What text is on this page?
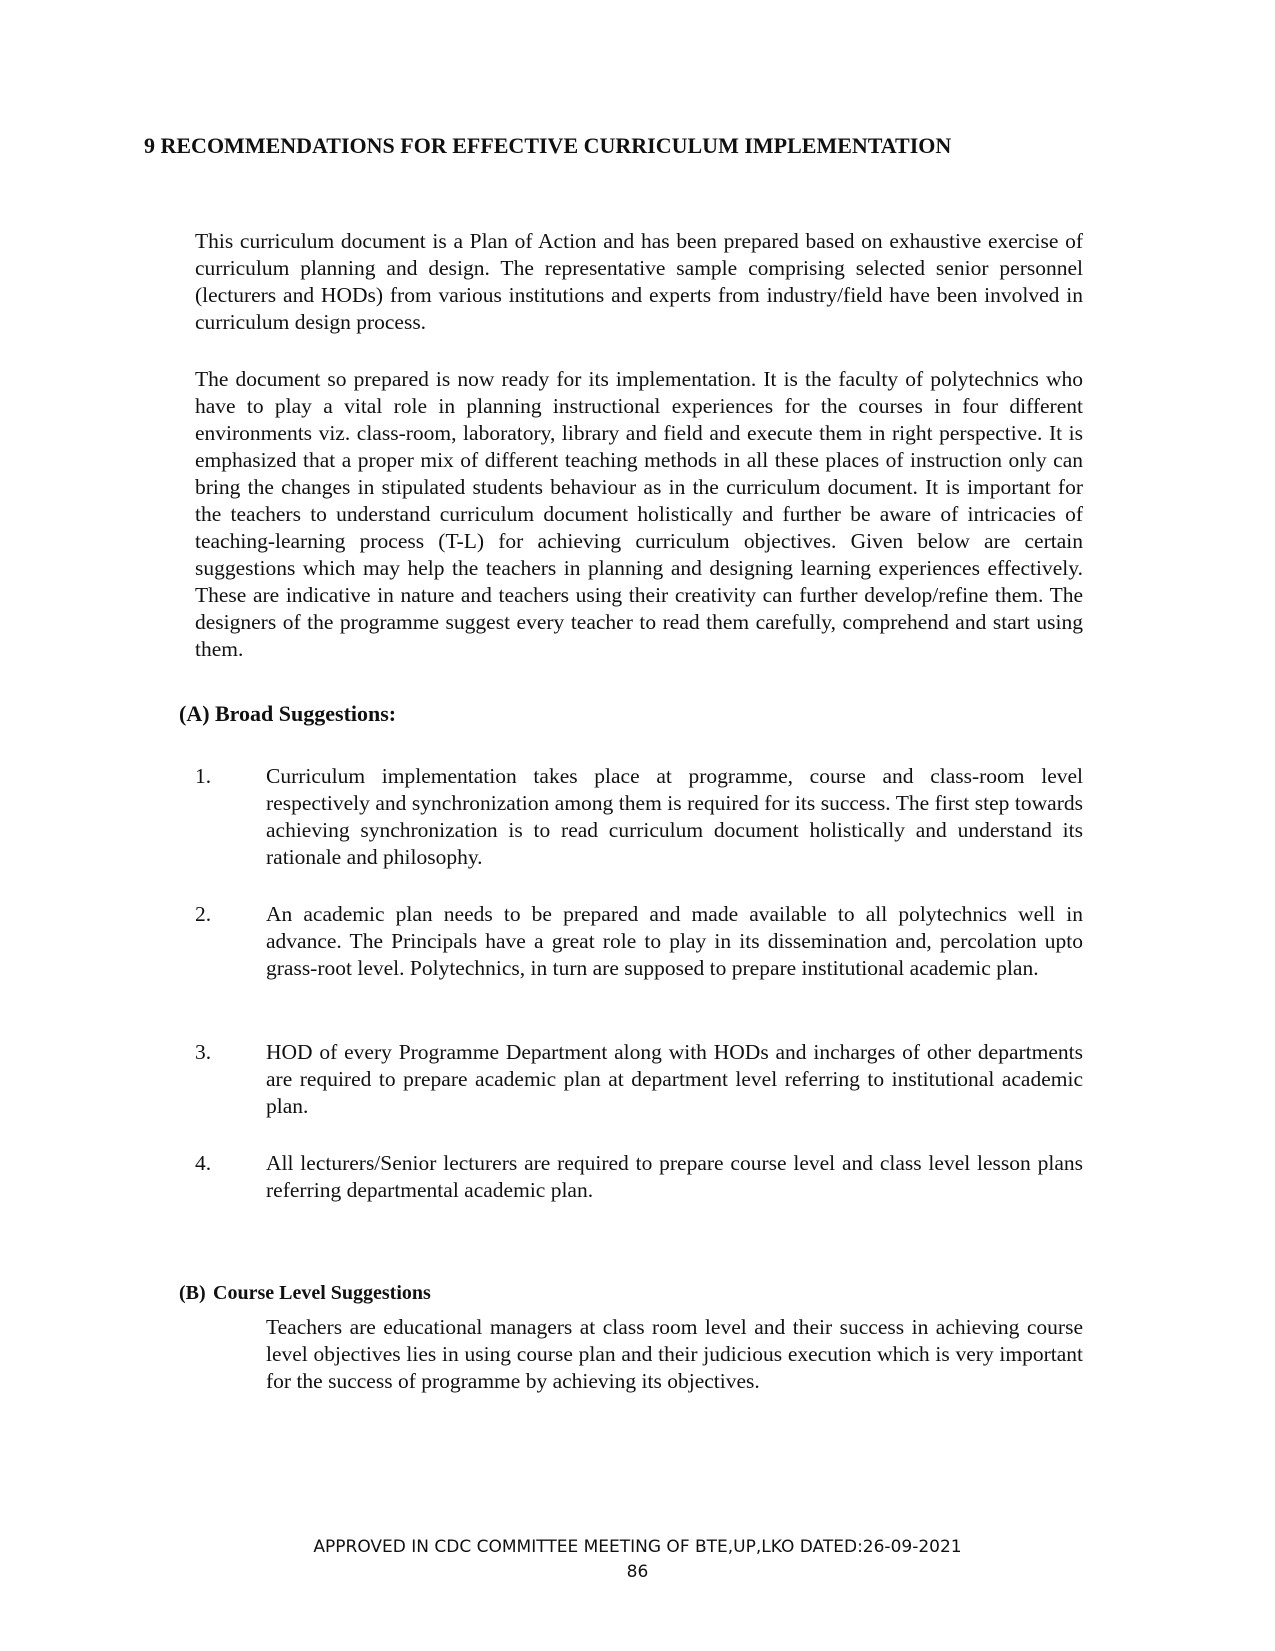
9 RECOMMENDATIONS FOR EFFECTIVE CURRICULUM IMPLEMENTATION

This curriculum document is a Plan of Action and has been prepared based on exhaustive exercise of curriculum planning and design. The representative sample comprising selected senior personnel (lecturers and HODs) from various institutions and experts from industry/field have been involved in curriculum design process.

The document so prepared is now ready for its implementation. It is the faculty of polytechnics who have to play a vital role in planning instructional experiences for the courses in four different environments viz. class-room, laboratory, library and field and execute them in right perspective. It is emphasized that a proper mix of different teaching methods in all these places of instruction only can bring the changes in stipulated students behaviour as in the curriculum document. It is important for the teachers to understand curriculum document holistically and further be aware of intricacies of teaching-learning process (T-L) for achieving curriculum objectives. Given below are certain suggestions which may help the teachers in planning and designing learning experiences effectively. These are indicative in nature and teachers using their creativity can further develop/refine them. The designers of the programme suggest every teacher to read them carefully, comprehend and start using them.

(A) Broad Suggestions:
1.	Curriculum implementation takes place at programme, course and class-room level respectively and synchronization among them is required for its success. The first step towards achieving synchronization is to read curriculum document holistically and understand its rationale and philosophy.
2.	An academic plan needs to be prepared and made available to all polytechnics well in advance. The Principals have a great role to play in its dissemination and, percolation upto grass-root level. Polytechnics, in turn are supposed to prepare institutional academic plan.
3.	HOD of every Programme Department along with HODs and incharges of other departments are required to prepare academic plan at department level referring to institutional academic plan.
4.	All lecturers/Senior lecturers are required to prepare course level and class level lesson plans referring departmental academic plan.
(B) Course Level Suggestions

Teachers are educational managers at class room level and their success in achieving course level objectives lies in using course plan and their judicious execution which is very important for the success of programme by achieving its objectives.

APPROVED IN CDC COMMITTEE MEETING OF BTE,UP,LKO DATED:26-09-2021
86
